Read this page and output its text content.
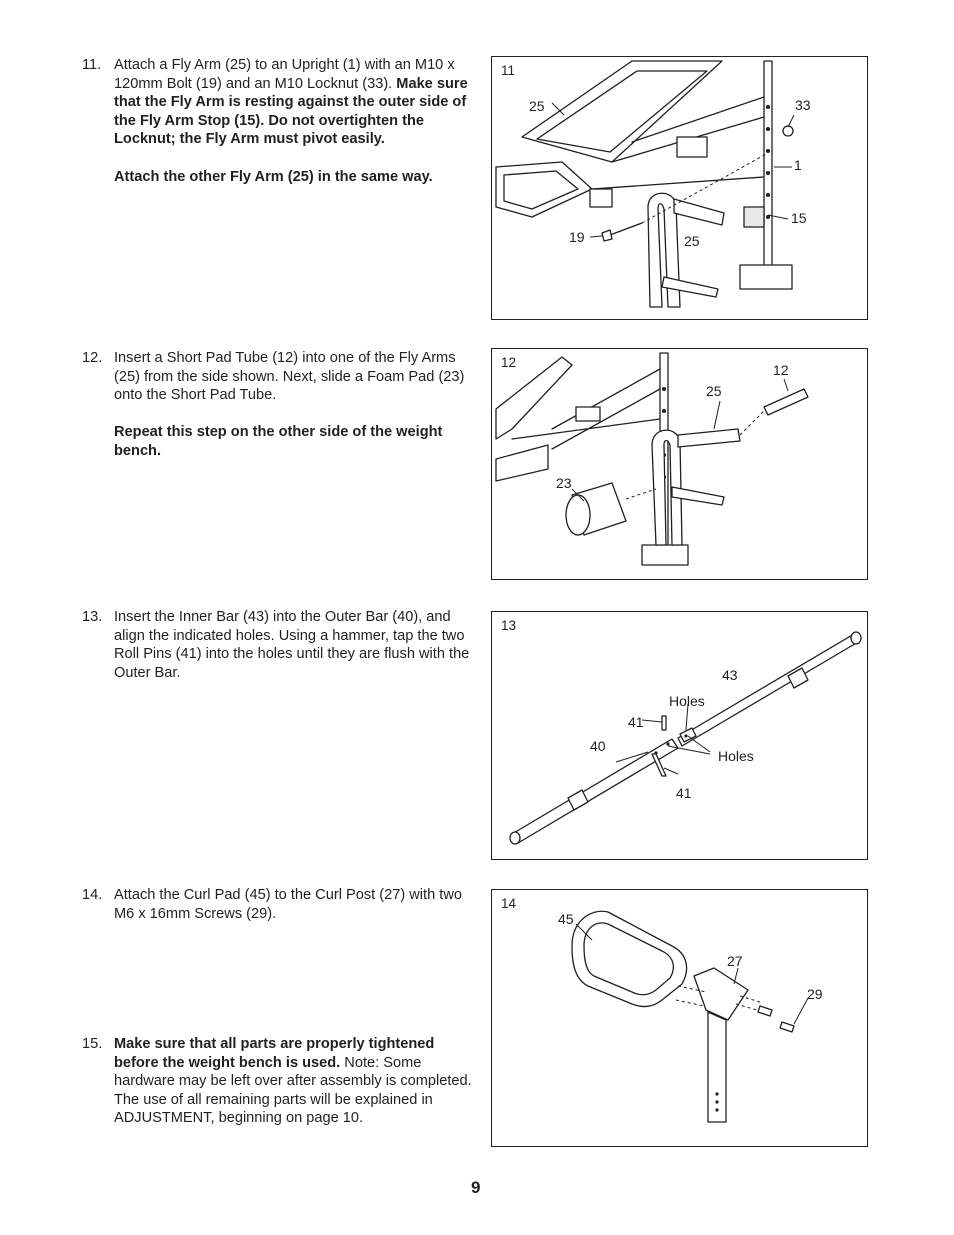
11. Attach a Fly Arm (25) to an Upright (1) with an M10 x 120mm Bolt (19) and an M10 Locknut (33). Make sure that the Fly Arm is resting against the outer side of the Fly Arm Stop (15). Do not overtighten the Locknut; the Fly Arm must pivot easily.

Attach the other Fly Arm (25) in the same way.

12. Insert a Short Pad Tube (12) into one of the Fly Arms (25) from the side shown. Next, slide a Foam Pad (23) onto the Short Pad Tube.

Repeat this step on the other side of the weight bench.

13. Insert the Inner Bar (43) into the Outer Bar (40), and align the indicated holes. Using a hammer, tap the two Roll Pins (41) into the holes until they are flush with the Outer Bar.

14. Attach the Curl Pad (45) to the Curl Post (27) with two M6 x 16mm Screws (29).

15. Make sure that all parts are properly tightened before the weight bench is used. Note: Some hardware may be left over after assembly is completed. The use of all remaining parts will be explained in ADJUSTMENT, beginning on page 10.

11
25	33
1
15
19	25
12	12
25
23
13
43
Holes
41
40
Holes
41
14
45
27
29
9
